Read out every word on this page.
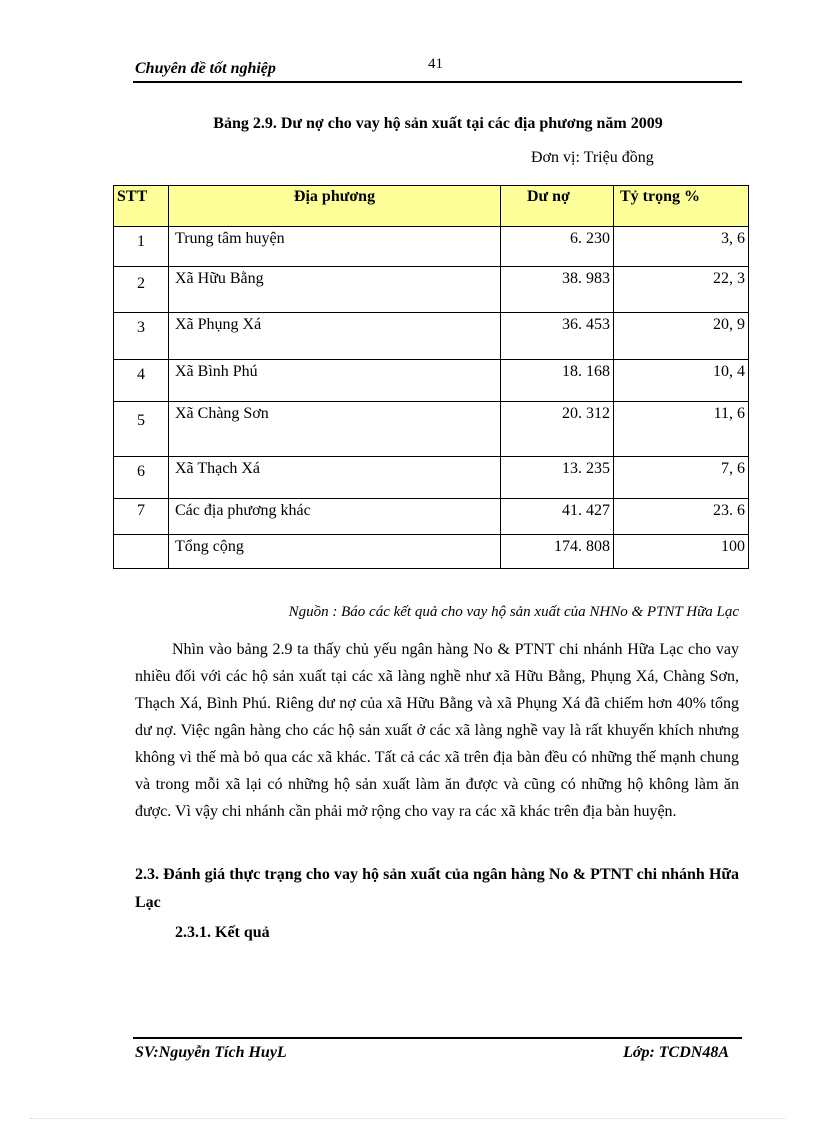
Chuyên đề tốt nghiệp	41
Bảng 2.9. Dư nợ cho vay hộ sản xuất tại các địa phương năm 2009
Đơn vị: Triệu đồng
STT	Địa phương	Dư nợ	Tỷ trọng %
1	Trung tâm huyện	6. 230	3, 6
2	Xã Hữu Bằng	38. 983	22, 3
3	Xã Phụng Xá	36. 453	20, 9
4	Xã Bình Phú	18. 168	10, 4
5	Xã Chàng Sơn	20. 312	11, 6
6	Xã Thạch Xá	13. 235	7, 6
7	Các địa phương khác	41. 427	23. 6
	Tổng cộng	174. 808	100
Nguồn : Báo các kết quả cho vay hộ sản xuất của NHNo & PTNT Hữa Lạc
Nhìn vào bảng 2.9 ta thấy chủ yếu ngân hàng No & PTNT chi nhánh Hữa Lạc cho vay nhiều đối với các hộ sản xuất tại các xã làng nghề như xã Hữu Bằng, Phụng Xá, Chàng Sơn, Thạch Xá, Bình Phú. Riêng dư nợ của xã Hữu Bằng và xã Phụng Xá đã chiếm hơn 40% tổng dư nợ. Việc ngân hàng cho các hộ sản xuất ở các xã làng nghề vay là rất khuyến khích nhưng không vì thế mà bỏ qua các xã khác. Tất cả các xã trên địa bàn đều có những thế mạnh chung và trong mỗi xã lại có những hộ sản xuất làm ăn được và cũng có những hộ không làm ăn được. Vì vậy chi nhánh cần phải mở rộng cho vay ra các xã khác trên địa bàn huyện.
2.3. Đánh giá thực trạng cho vay hộ sản xuất của ngân hàng No & PTNT chi nhánh Hữa Lạc
2.3.1. Kết quả
SV:Nguyễn Tích HuyL	Lớp: TCDN48A
